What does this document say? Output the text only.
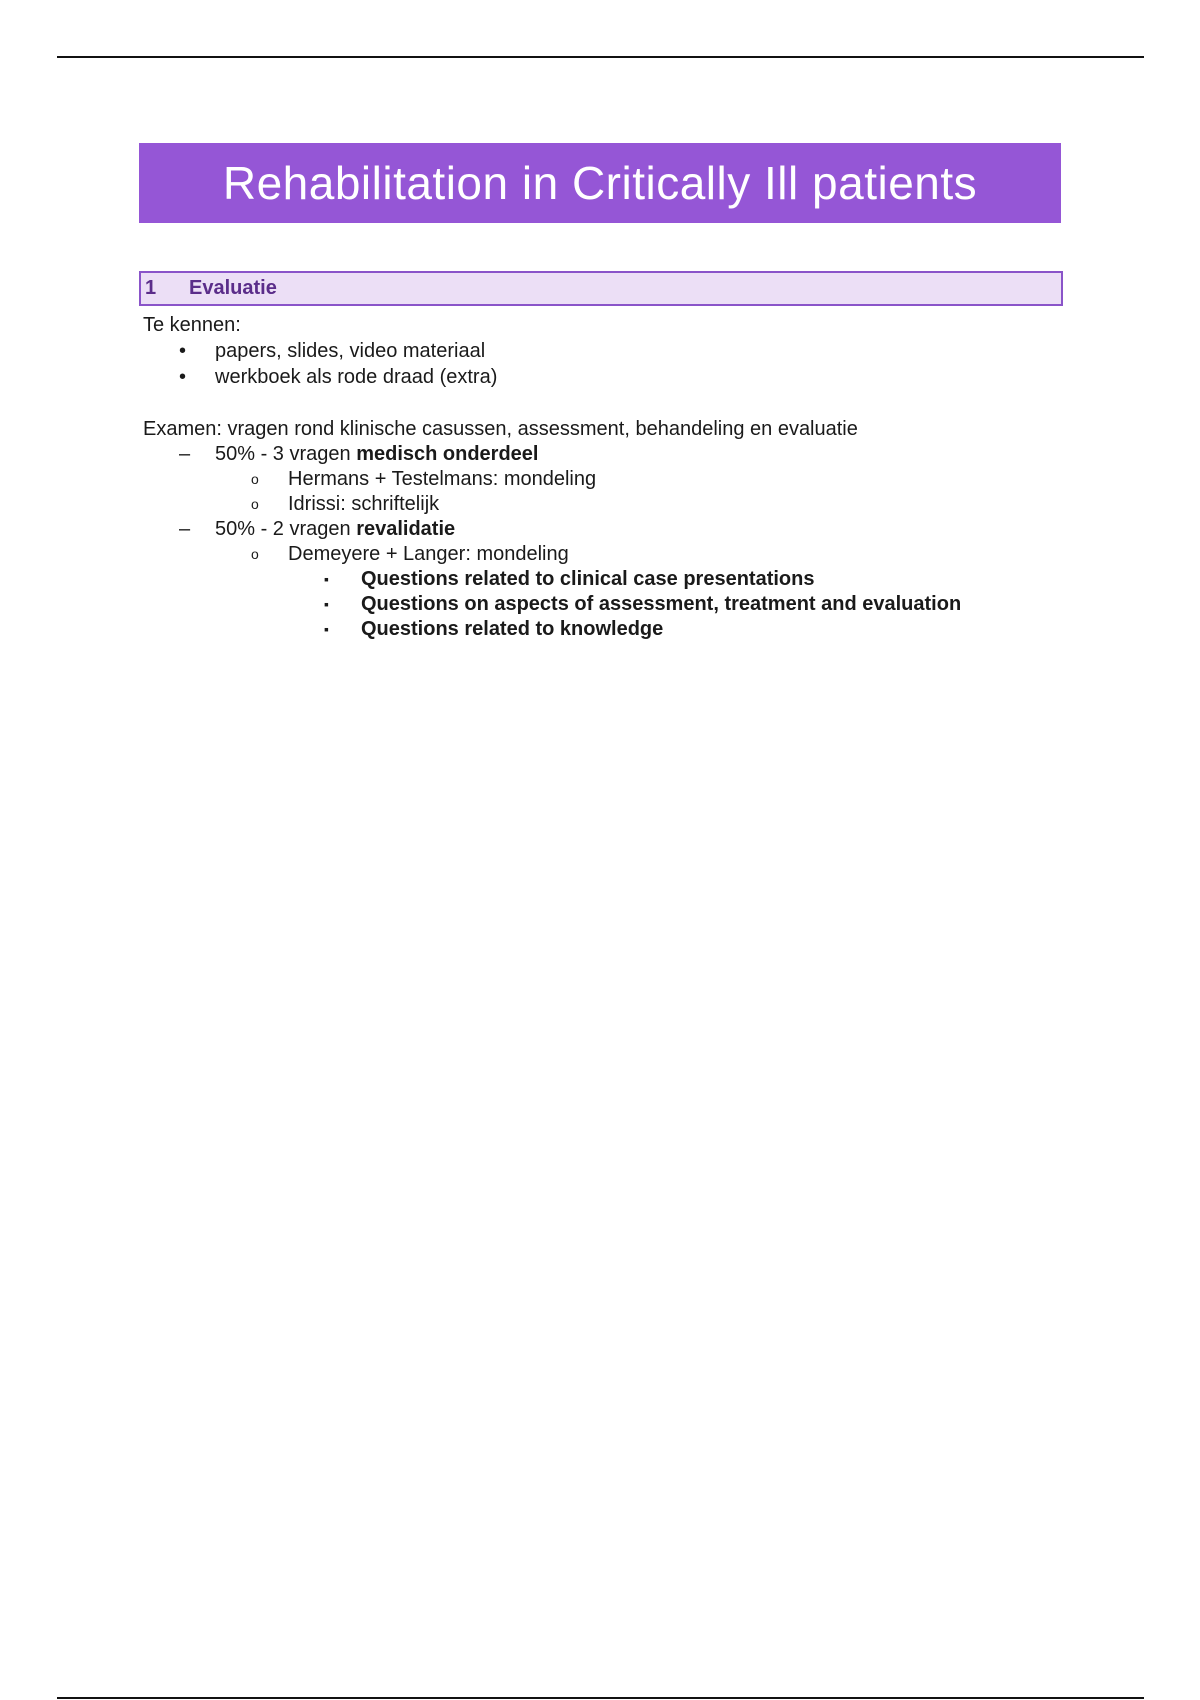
Rehabilitation in Critically Ill patients
1	Evaluatie
Te kennen:
• papers, slides, video materiaal
• werkboek als rode draad (extra)
Examen: vragen rond klinische casussen, assessment, behandeling en evaluatie
– 50% - 3 vragen medisch onderdeel
o Hermans + Testelmans: mondeling
o Idrissi: schriftelijk
– 50% - 2 vragen revalidatie
o Demeyere + Langer: mondeling
▪ Questions related to clinical case presentations
▪ Questions on aspects of assessment, treatment and evaluation
▪ Questions related to knowledge
